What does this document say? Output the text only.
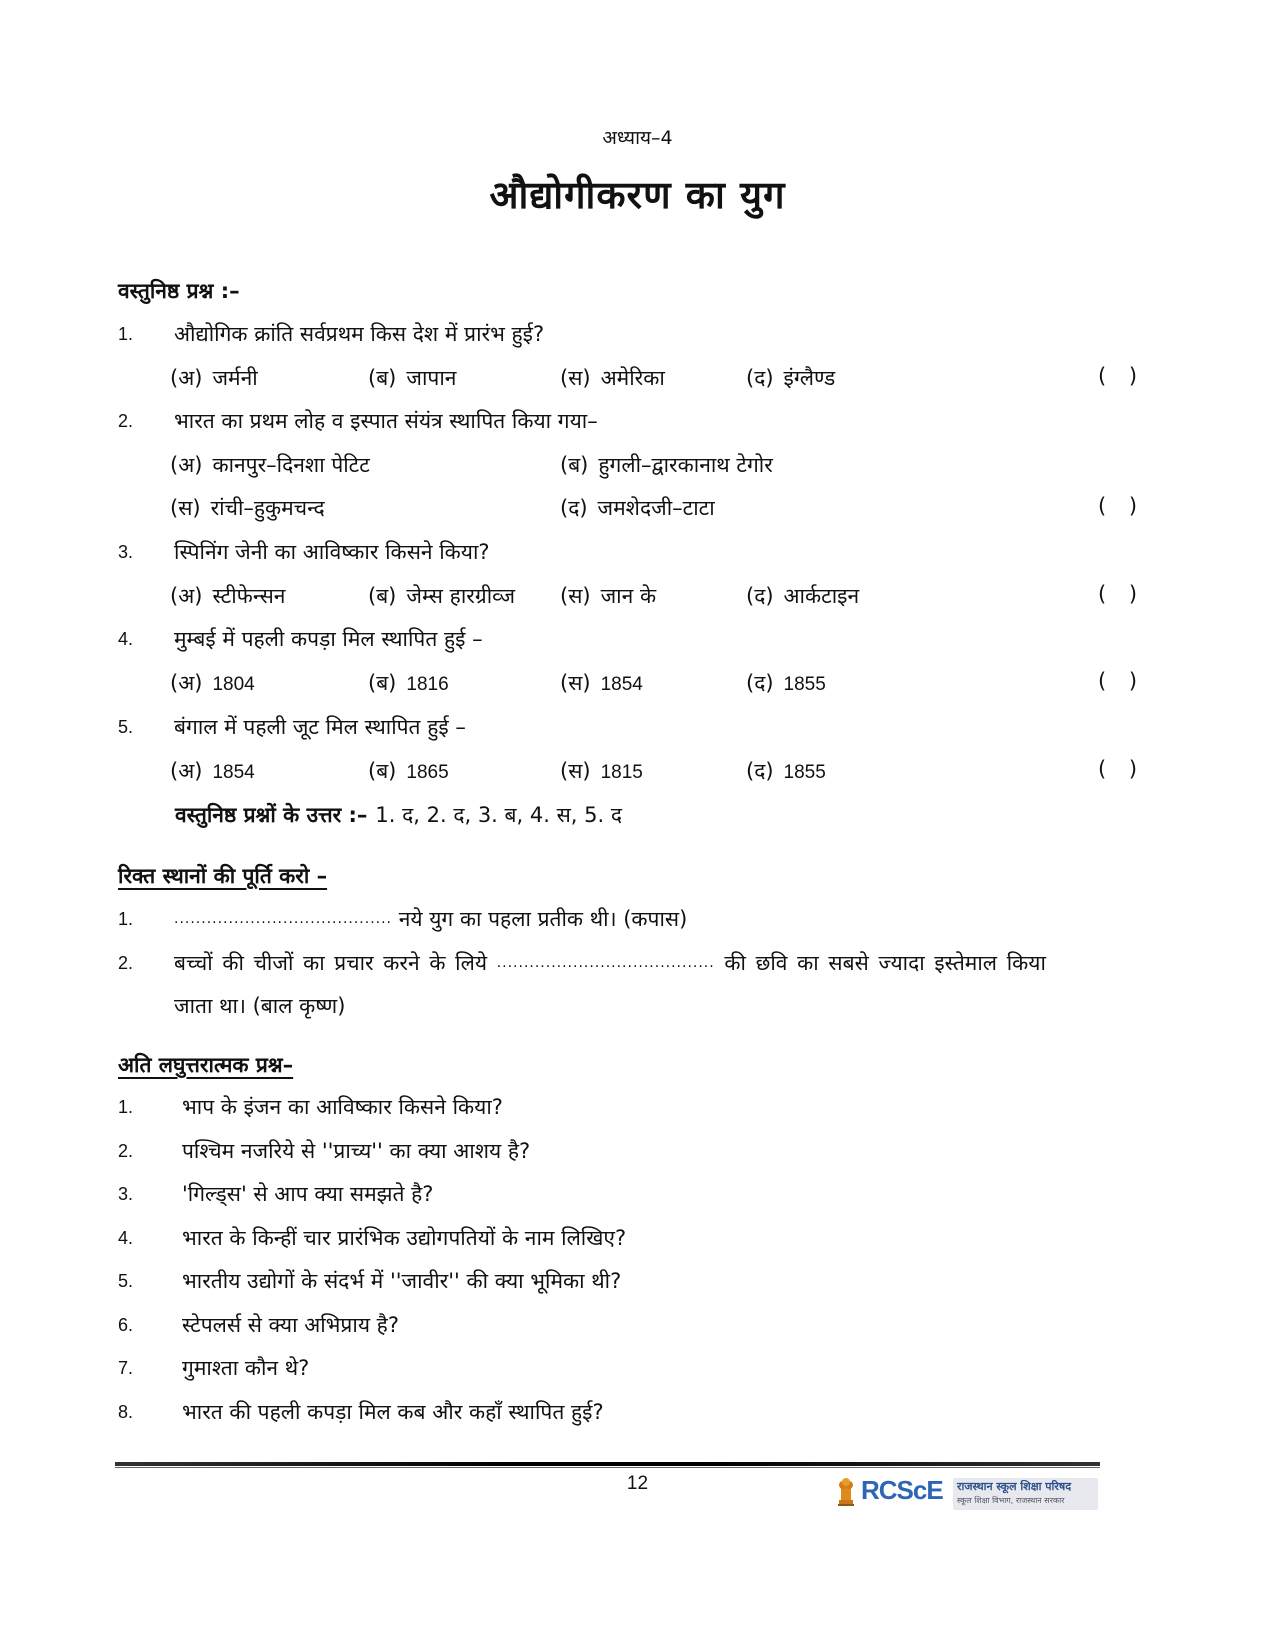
अध्याय–4
औद्योगीकरण का युग
वस्तुनिष्ठ प्रश्न :–
1. औद्योगिक क्रांति सर्वप्रथम किस देश में प्रारंभ हुई?
(अ) जर्मनी	(ब) जापान	(स) अमेरिका	(द) इंग्लैण्ड	( )
2. भारत का प्रथम लोह व इस्पात संयंत्र स्थापित किया गया–
(अ) कानपुर–दिनशा पेटिट	(ब) हुगली–द्वारकानाथ टेगोर
(स) रांची–हुकुमचन्द	(द) जमशेदजी–टाटा	( )
3. स्पिनिंग जेनी का आविष्कार किसने किया?
(अ) स्टीफेन्सन	(ब) जेम्स हारग्रीव्ज (स) जान के	(द) आर्कटाइन	( )
4. मुम्बई में पहली कपड़ा मिल स्थापित हुई –
(अ) 1804	(ब) 1816	(स) 1854	(द) 1855	( )
5. बंगाल में पहली जूट मिल स्थापित हुई –
(अ) 1854	(ब) 1865	(स) 1815	(द) 1855	( )
वस्तुनिष्ठ प्रश्नों के उत्तर :– 1. द, 2. द, 3. ब, 4. स, 5. द
रिक्त स्थानों की पूर्ति करो –
1.	........................................ नये युग का पहला प्रतीक थी। (कपास)
2. बच्चों की चीजों का प्रचार करने के लिये ........................................ की छवि का सबसे ज्यादा इस्तेमाल किया
जाता था। (बाल कृष्ण)
अति लघुत्तरात्मक प्रश्न–
1. भाप के इंजन का आविष्कार किसने किया?
2. पश्चिम नजरिये से ''प्राच्य'' का क्या आशय है?
3. 'गिल्ड्स' से आप क्या समझते है?
4. भारत के किन्हीं चार प्रारंभिक उद्योगपतियों के नाम लिखिए?
5. भारतीय उद्योगों के संदर्भ में ''जावीर'' की क्या भूमिका थी?
6. स्टेपलर्स से क्या अभिप्राय है?
7. गुमाश्ता कौन थे?
8. भारत की पहली कपड़ा मिल कब और कहाँ स्थापित हुई?
12	RCScE राजस्थान स्कूल शिक्षा परिषद
स्कूल शिक्षा विभाग, राजस्थान सरकार
